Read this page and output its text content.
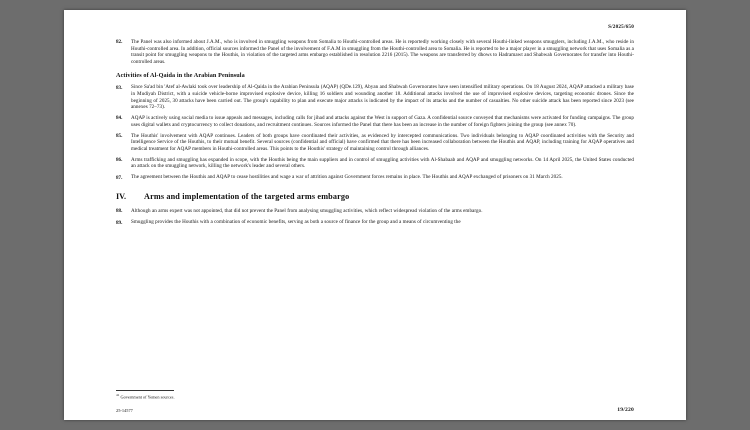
S/2025/650
82.	The Panel was also informed about J.A.M., who is involved in smuggling weapons from Somalia to Houthi-controlled areas. He is reportedly working closely with several Houthi-linked weapons smugglers, including J.A.M., who reside in Houthi-controlled area. In addition, official sources informed the Panel of the involvement of F.A.M in smuggling from the Houthi-controlled area to Somalia. He is reported to be a major player in a smuggling network that uses Somalia as a transit point for smuggling weapons to the Houthis, in violation of the targeted arms embargo established in resolution 2216 (2015). The weapons are transferred by dhows to Hadramawt and Shabwah Governorates for transfer into Houthi-controlled areas.
Activities of Al-Qaida in the Arabian Peninsula
83.	Since Sa'ad bin 'Atef al-Awlaki took over leadership of Al-Qaida in the Arabian Peninsula (AQAP) (QDe.129), Abyan and Shabwah Governorates have seen intensified military operations. On 18 August 2024, AQAP attacked a military base in Mudiyah District, with a suicide vehicle-borne improvised explosive device, killing 16 soldiers and wounding another 18. Additional attacks involved the use of improvised explosive devices, targeting economic drones. Since the beginning of 2025, 30 attacks have been carried out. The group's capability to plan and execute major attacks is indicated by the impact of its attacks and the number of casualties. No other suicide attack has been reported since 2023 (see annexes 72–73).
84.	AQAP is actively using social media to issue appeals and messages, including calls for jihad and attacks against the West in support of Gaza. A confidential source conveyed that mechanisms were activated for funding campaigns. The group uses digital wallets and cryptocurrency to collect donations, and recruitment continues. Sources informed the Panel that there has been an increase in the number of foreign fighters joining the group (see annex 70).
85.	The Houthis' involvement with AQAP continues. Leaders of both groups have coordinated their activities, as evidenced by intercepted communications. Two individuals belonging to AQAP coordinated activities with the Security and Intelligence Service of the Houthis, to their mutual benefit. Several sources (confidential and official) have confirmed that there has been increased collaboration between the Houthis and AQAP, including training for AQAP operatives and medical treatment for AQAP members in Houthi-controlled areas. This points to the Houthis' strategy of maintaining control through alliances.
86.	Arms trafficking and smuggling has expanded in scope, with the Houthis being the main suppliers and in control of smuggling activities with Al-Shabaab and AQAP and smuggling networks. On 14 April 2025, the United States conducted an attack on the smuggling network, killing the network's leader and several others.
87.	The agreement between the Houthis and AQAP to cease hostilities and wage a war of attrition against Government forces remains in place. The Houthis and AQAP exchanged of prisoners on 31 March 2025.
IV.	Arms and implementation of the targeted arms embargo
88.	Although an arms expert was not appointed, that did not prevent the Panel from analysing smuggling activities, which reflect widespread violation of the arms embargo.
89.	Smuggling provides the Houthis with a combination of economic benefits, serving as both a source of finance for the group and a means of circumventing the
$^{41}$ Government of Yemen sources.
25-14577	19/220
